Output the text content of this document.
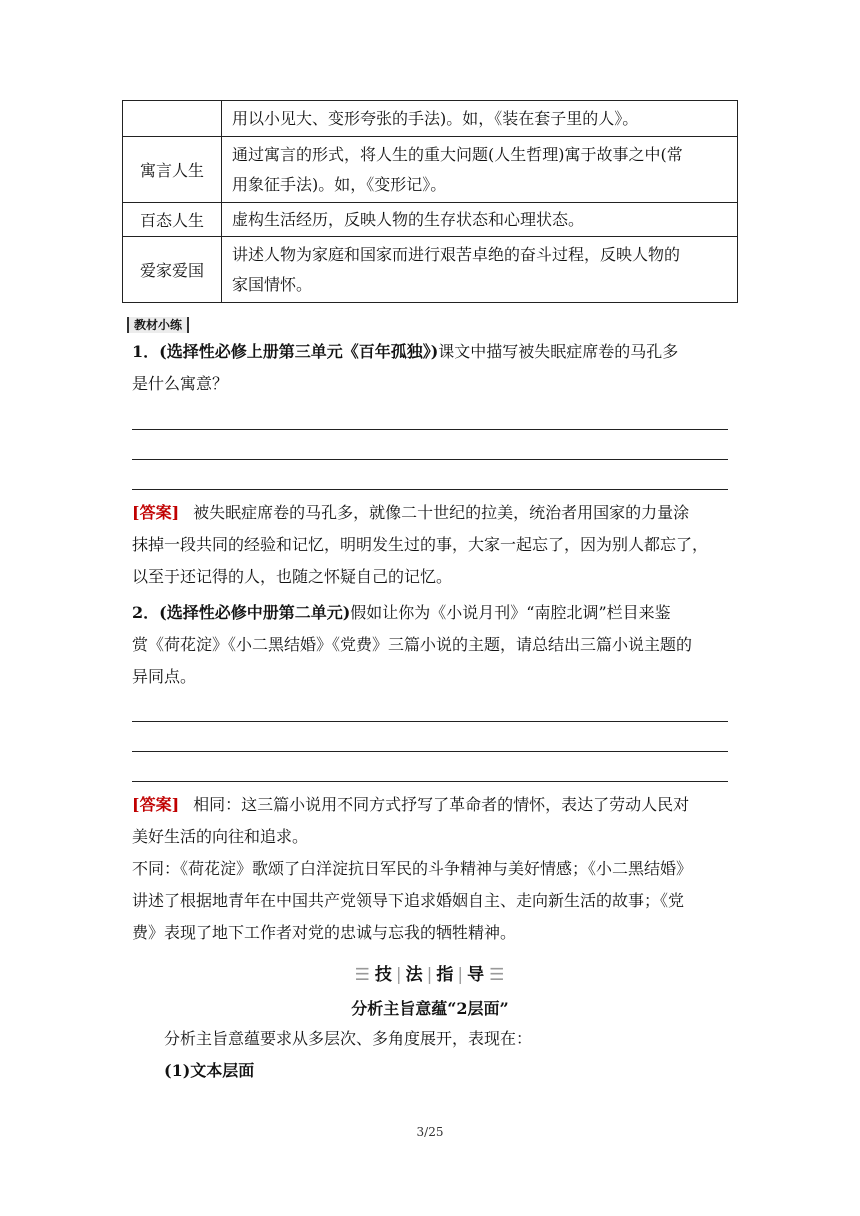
	用以小见大、变形夸张的手法)。如，《装在套子里的人》。
寓言人生	通过寓言的形式，将人生的重大问题(人生哲理)寓于故事之中(常
用象征手法)。如，《变形记》。

百态人生	虚构生活经历，反映人物的生存状态和心理状态。
爱家爱国	讲述人物为家庭和国家而进行艰苦卓绝的奋斗过程，反映人物的
家国情怀。
教材小练

1．(选择性必修上册第三单元《百年孤独》)课文中描写被失眠症席卷的马孔多

是什么寓意？

[答案] 被失眠症席卷的马孔多，就像二十世纪的拉美，统治者用国家的力量涂

抹掉一段共同的经验和记忆，明明发生过的事，大家一起忘了，因为别人都忘了，

以至于还记得的人，也随之怀疑自己的记忆。

2．(选择性必修中册第二单元)假如让你为《小说月刊》“南腔北调”栏目来鉴

赏《荷花淀》《小二黑结婚》《党费》三篇小说的主题，请总结出三篇小说主题的

异同点。

[答案] 相同：这三篇小说用不同方式抒写了革命者的情怀，表达了劳动人民对

美好生活的向往和追求。

不同：《荷花淀》歌颂了白洋淀抗日军民的斗争精神与美好情感；《小二黑结婚》

讲述了根据地青年在中国共产党领导下追求婚姻自主、走向新生活的故事；《党

费》表现了地下工作者对党的忠诚与忘我的牺牲精神。

☰ 技 | 法 | 指 | 导 ☰
分析主旨意蕴“2层面”

分析主旨意蕴要求从多层次、多角度展开，表现在：

(1)文本层面

3/25
